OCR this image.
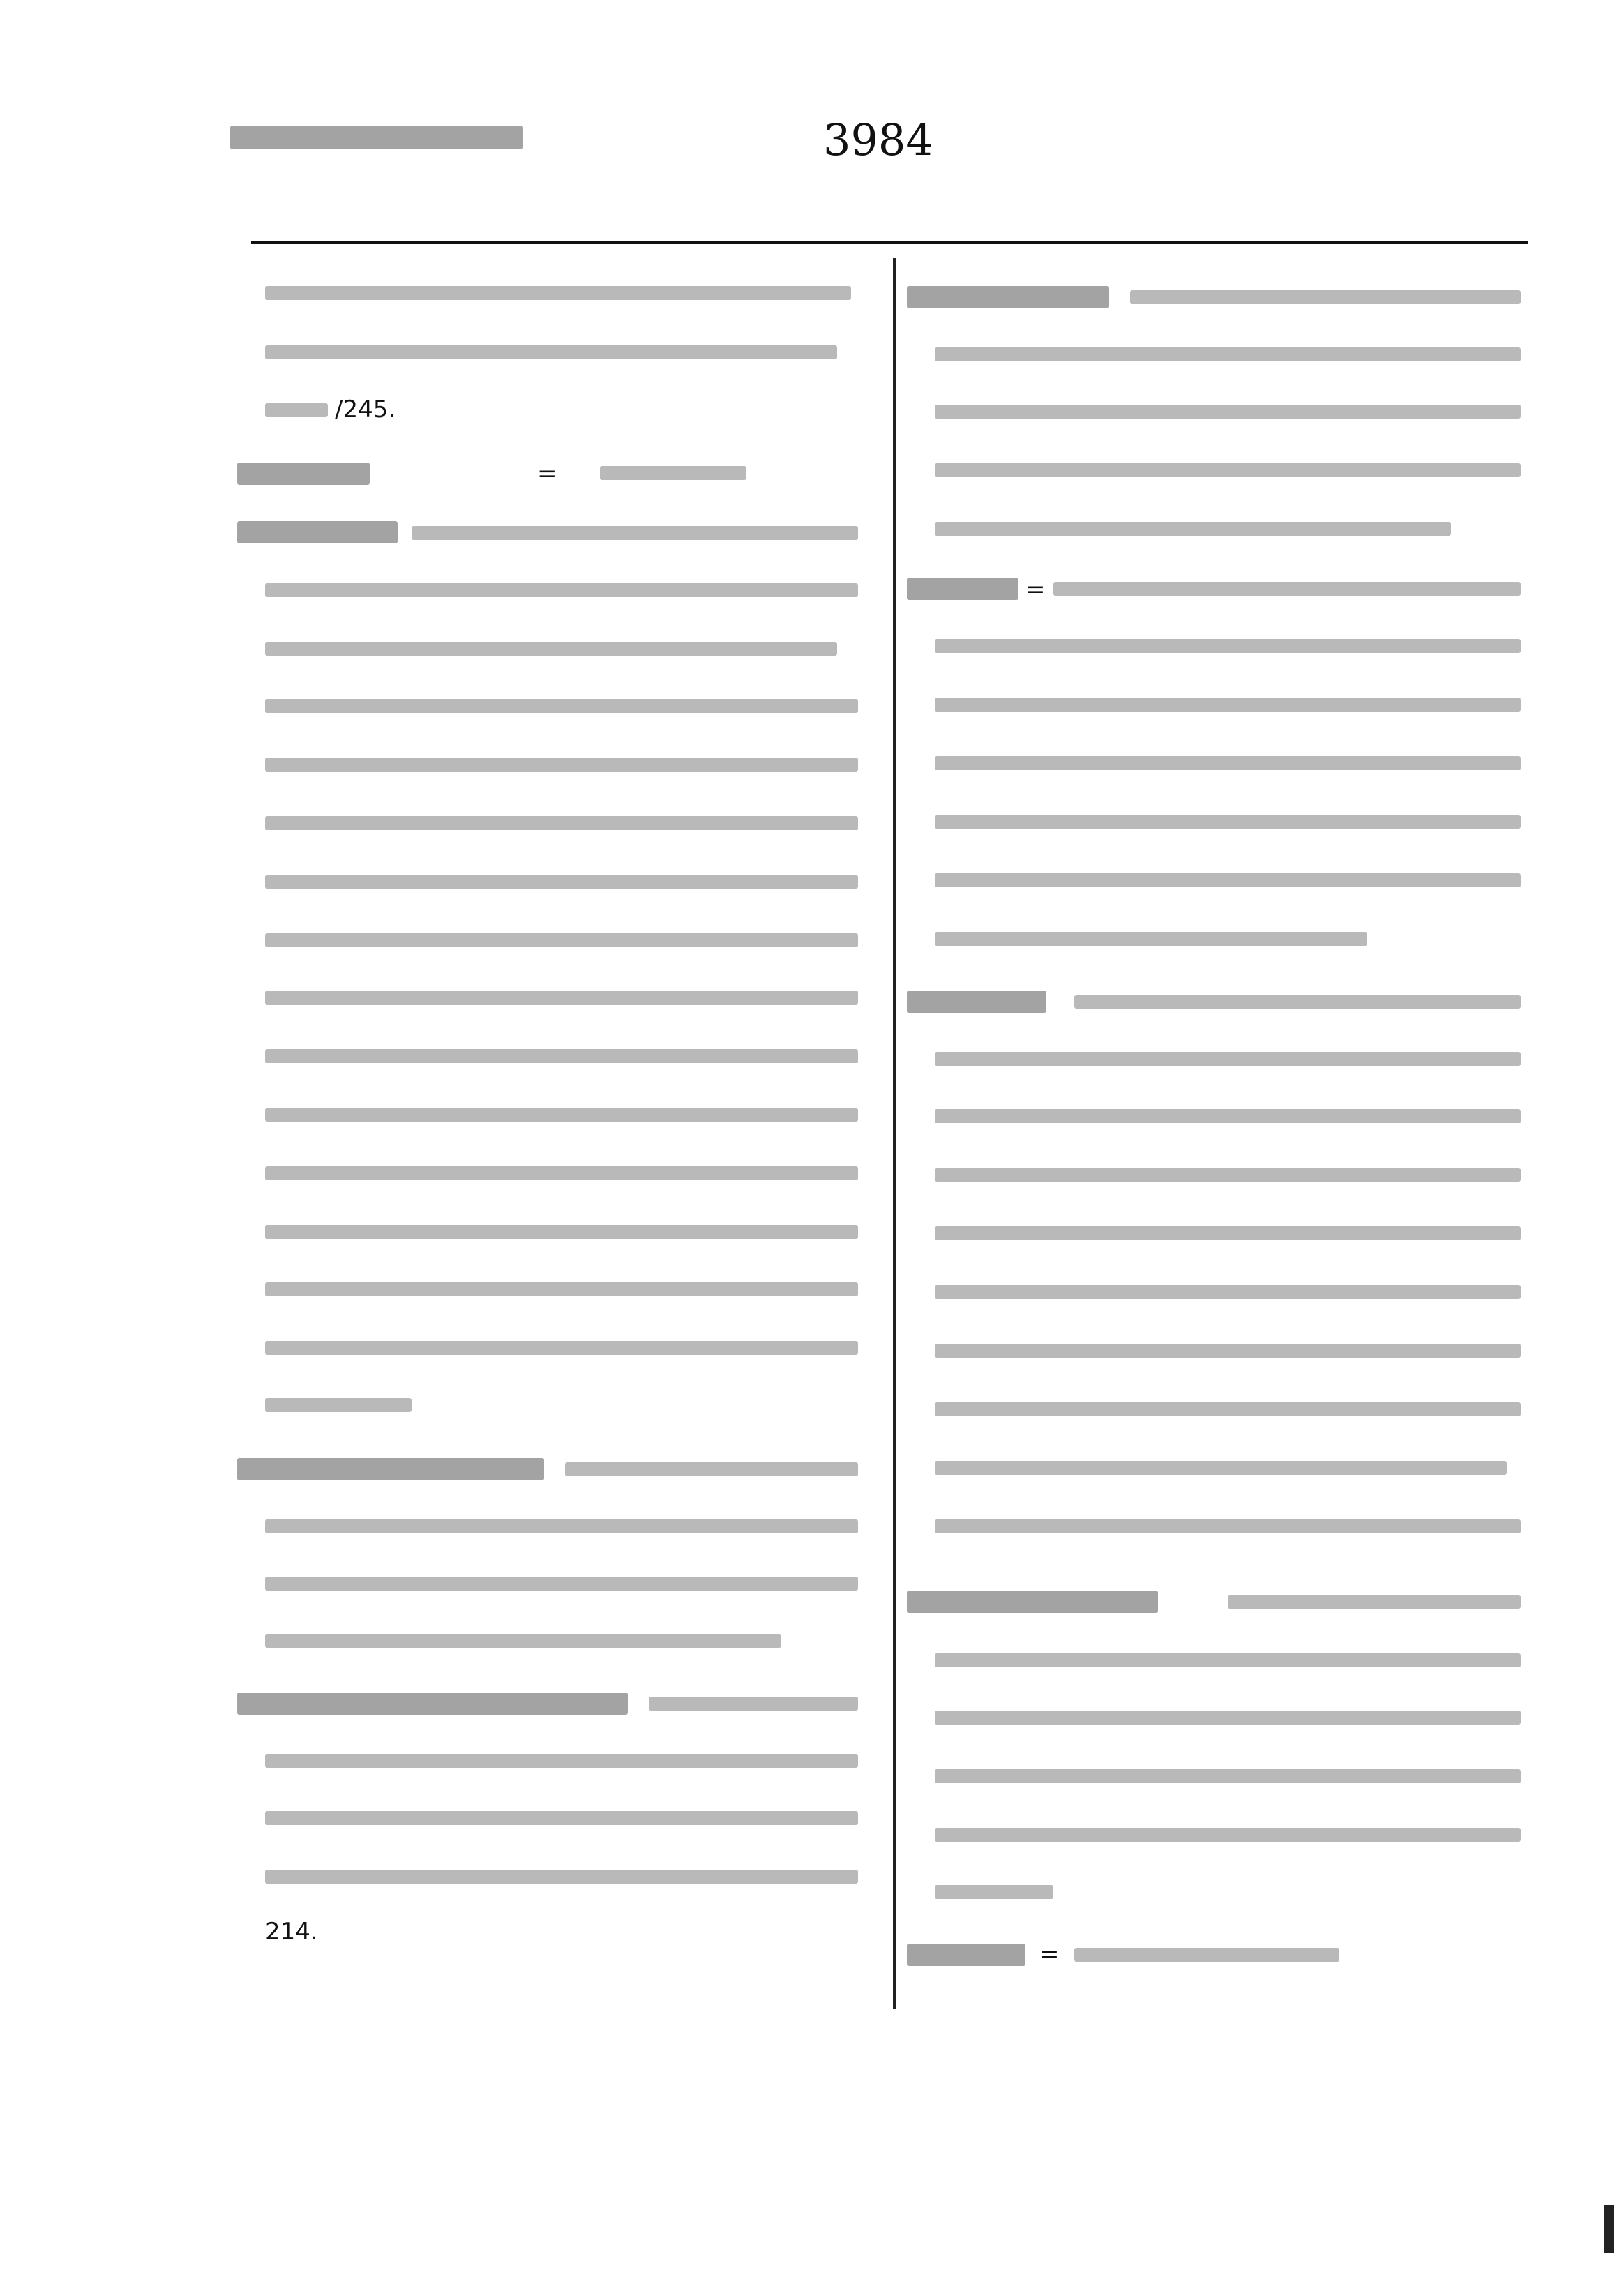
3984
/245.
=
214.
=
=
